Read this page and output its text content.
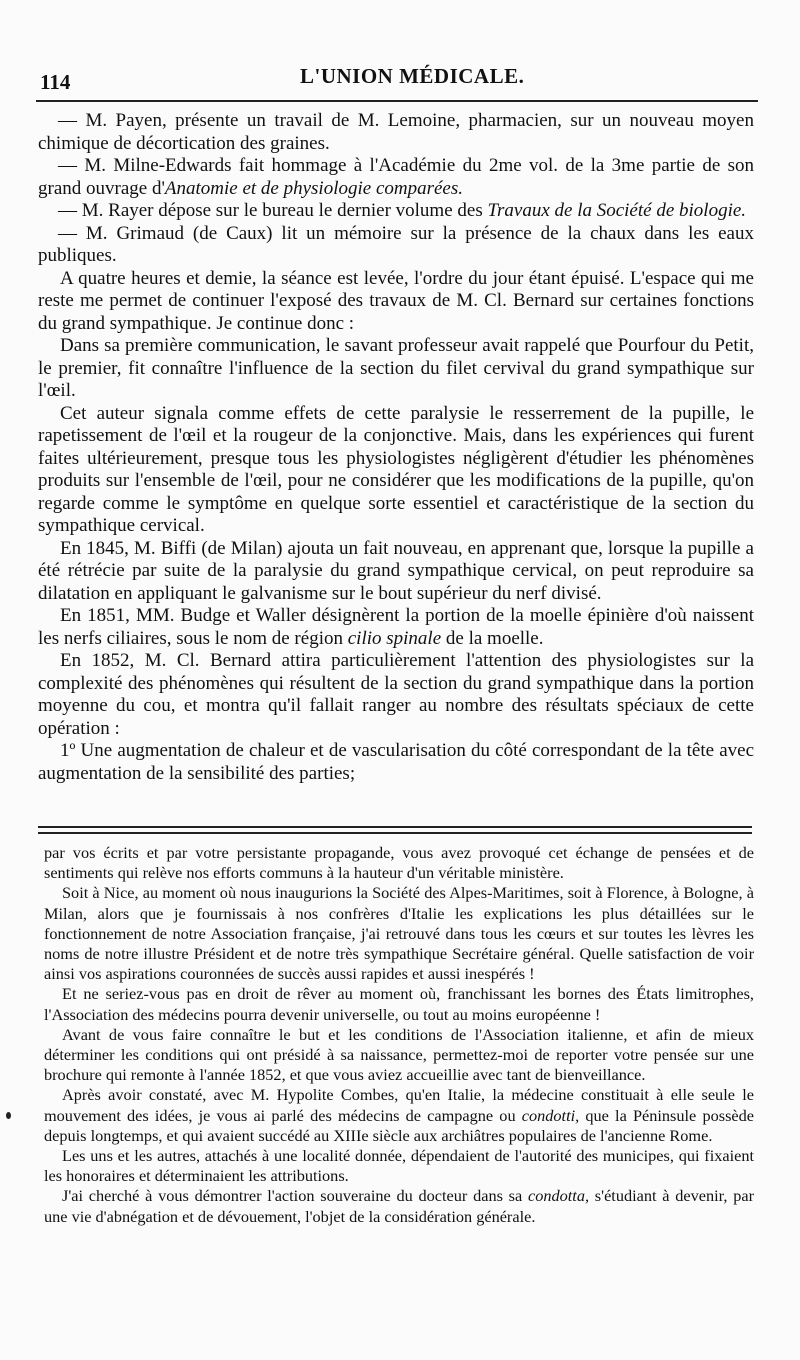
114	L'UNION MÉDICALE.

— M. Payen, présente un travail de M. Lemoine, pharmacien, sur un nouveau moyen chimique de décortication des graines.

— M. Milne-Edwards fait hommage à l'Académie du 2me vol. de la 3me partie de son grand ouvrage d'Anatomie et de physiologie comparées.

— M. Rayer dépose sur le bureau le dernier volume des Travaux de la Société de biologie.

— M. Grimaud (de Caux) lit un mémoire sur la présence de la chaux dans les eaux publiques.

A quatre heures et demie, la séance est levée, l'ordre du jour étant épuisé. L'espace qui me reste me permet de continuer l'exposé des travaux de M. Cl. Bernard sur certaines fonctions du grand sympathique. Je continue donc :

Dans sa première communication, le savant professeur avait rappelé que Pourfour du Petit, le premier, fit connaître l'influence de la section du filet cervival du grand sympathique sur l'œil.

Cet auteur signala comme effets de cette paralysie le resserrement de la pupille, le rapetissement de l'œil et la rougeur de la conjonctive. Mais, dans les expériences qui furent faites ultérieurement, presque tous les physiologistes négligèrent d'étudier les phénomènes produits sur l'ensemble de l'œil, pour ne considérer que les modifications de la pupille, qu'on regarde comme le symptôme en quelque sorte essentiel et caractéristique de la section du sympathique cervical.

En 1845, M. Biffi (de Milan) ajouta un fait nouveau, en apprenant que, lorsque la pupille a été rétrécie par suite de la paralysie du grand sympathique cervical, on peut reproduire sa dilatation en appliquant le galvanisme sur le bout supérieur du nerf divisé.

En 1851, MM. Budge et Waller désignèrent la portion de la moelle épinière d'où naissent les nerfs ciliaires, sous le nom de région cilio spinale de la moelle.

En 1852, M. Cl. Bernard attira particulièrement l'attention des physiologistes sur la complexité des phénomènes qui résultent de la section du grand sympathique dans la portion moyenne du cou, et montra qu'il fallait ranger au nombre des résultats spéciaux de cette opération :

1º Une augmentation de chaleur et de vascularisation du côté correspondant de la tête avec augmentation de la sensibilité des parties;

par vos écrits et par votre persistante propagande, vous avez provoqué cet échange de pensées et de sentiments qui relève nos efforts communs à la hauteur d'un véritable ministère.

Soit à Nice, au moment où nous inaugurions la Société des Alpes-Maritimes, soit à Florence, à Bologne, à Milan, alors que je fournissais à nos confrères d'Italie les explications les plus détaillées sur le fonctionnement de notre Association française, j'ai retrouvé dans tous les cœurs et sur toutes les lèvres les noms de notre illustre Président et de notre très sympathique Secrétaire général. Quelle satisfaction de voir ainsi vos aspirations couronnées de succès aussi rapides et aussi inespérés !

Et ne seriez-vous pas en droit de rêver au moment où, franchissant les bornes des États limitrophes, l'Association des médecins pourra devenir universelle, ou tout au moins européenne !

Avant de vous faire connaître le but et les conditions de l'Association italienne, et afin de mieux déterminer les conditions qui ont présidé à sa naissance, permettez-moi de reporter votre pensée sur une brochure qui remonte à l'année 1852, et que vous aviez accueillie avec tant de bienveillance.

Après avoir constaté, avec M. Hypolite Combes, qu'en Italie, la médecine constituait à elle seule le mouvement des idées, je vous ai parlé des médecins de campagne ou condotti, que la Péninsule possède depuis longtemps, et qui avaient succédé au XIIIe siècle aux archiâtres populaires de l'ancienne Rome.

Les uns et les autres, attachés à une localité donnée, dépendaient de l'autorité des municipes, qui fixaient les honoraires et déterminaient les attributions.

J'ai cherché à vous démontrer l'action souveraine du docteur dans sa condotta, s'étudiant à devenir, par une vie d'abnégation et de dévouement, l'objet de la considération générale.
